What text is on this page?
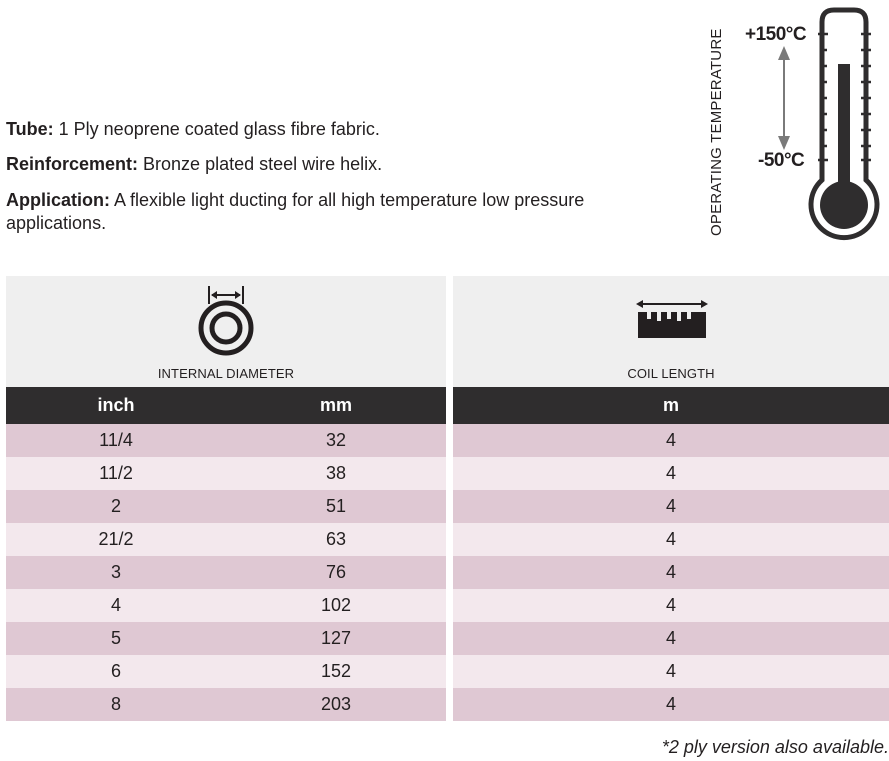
Tube: 1 Ply neoprene coated glass fibre fabric.
Reinforcement: Bronze plated steel wire helix.
Application: A flexible light ducting for all high temperature low pressure applications.	OPERATING TEMPERATURE +150°C
-50°C
INTERNAL DIAMETER	COIL LENGTH
inch	mm
11/4	32
11/2	38
2	51
21/2	63
3	76
4	102
5	127
6	152
8	203
m
4
4
4
4
4
4
4
4
4
*2 ply version also available.
